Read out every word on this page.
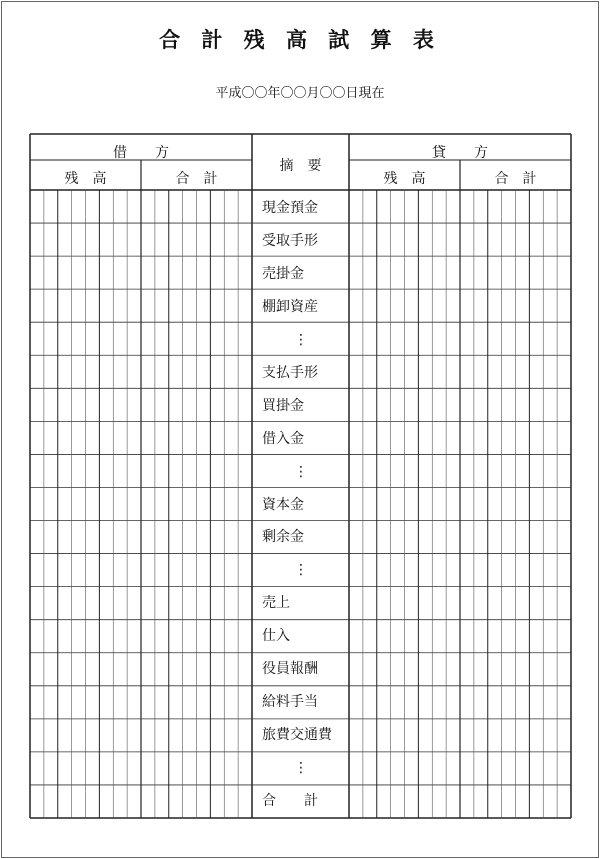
合 計 残 高 試 算 表
平成〇〇年〇〇月〇〇日現在
借　　方
残　高	合　計
摘　要
貸　　方
残　高	合　計
現金預金
受取手形
売掛金
棚卸資産
⋮
支払手形
買掛金
借入金
⋮
資本金
剰余金
⋮
売上
仕入
役員報酬
給料手当
旅費交通費
⋮
合　　計
